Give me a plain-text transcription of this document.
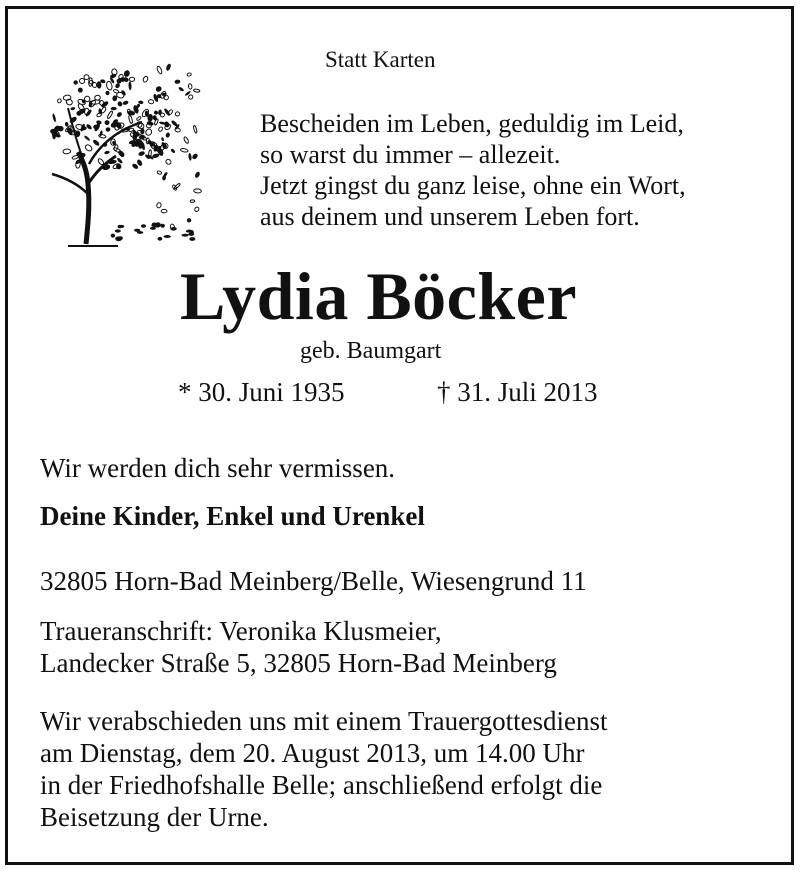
Statt Karten
Bescheiden im Leben, geduldig im Leid,
so warst du immer – allezeit.
Jetzt gingst du ganz leise, ohne ein Wort,
aus deinem und unserem Leben fort.
Lydia Böcker
geb. Baumgart
* 30. Juni 1935	† 31. Juli 2013
Wir werden dich sehr vermissen.
Deine Kinder, Enkel und Urenkel
32805 Horn-Bad Meinberg/Belle, Wiesengrund 11
Traueranschrift: Veronika Klusmeier,
Landecker Straße 5, 32805 Horn-Bad Meinberg
Wir verabschieden uns mit einem Trauergottesdienst
am Dienstag, dem 20. August 2013, um 14.00 Uhr
in der Friedhofshalle Belle; anschließend erfolgt die
Beisetzung der Urne.
